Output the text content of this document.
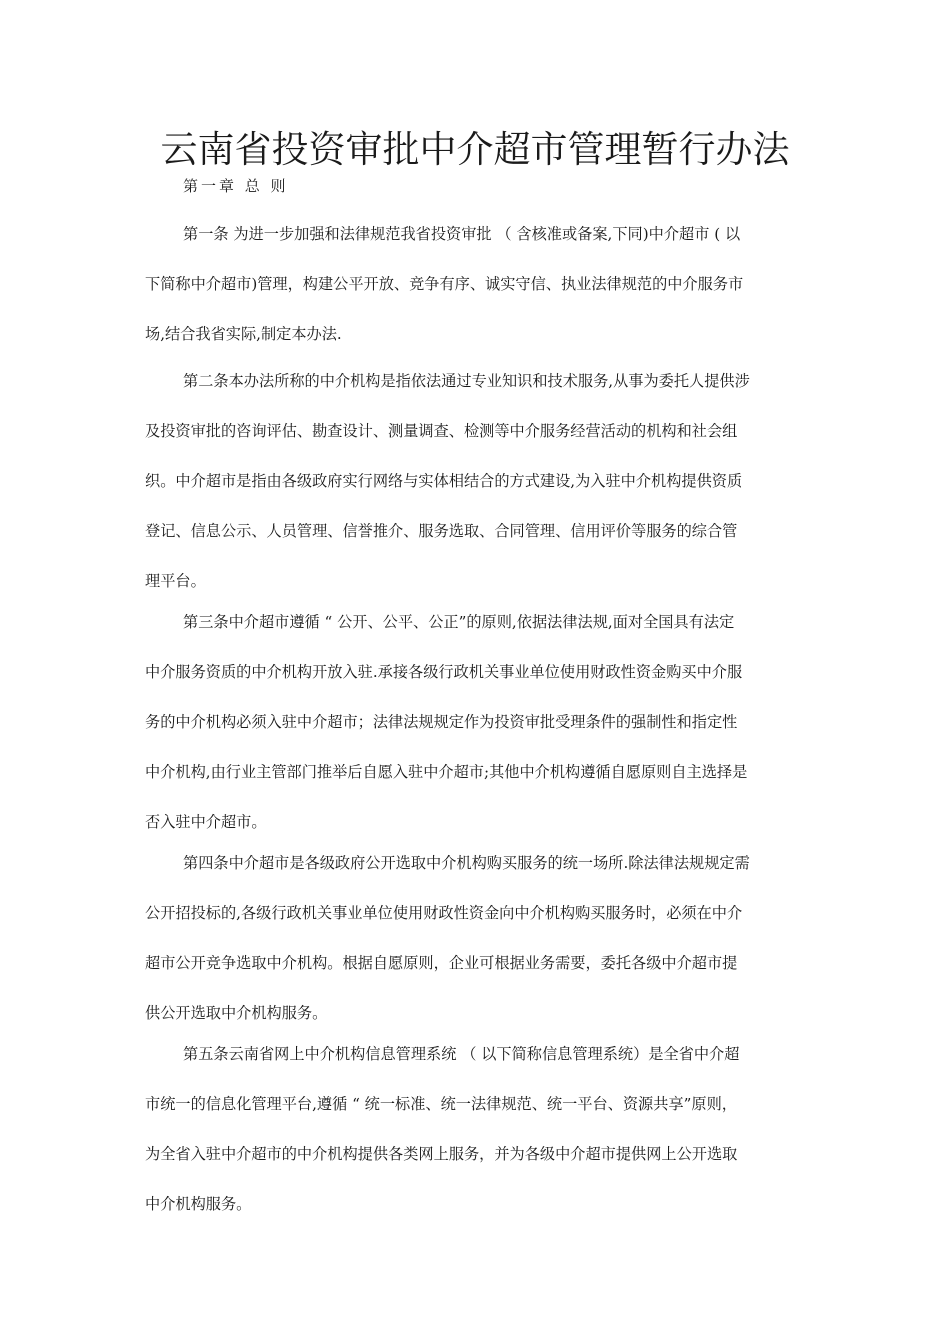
云南省投资审批中介超市管理暂行办法
第一章 总 则
第一条 为进一步加强和法律规范我省投资审批 （ 含核准或备案,下同)中介超市 ( 以
下简称中介超市)管理，构建公平开放、竞争有序、诚实守信、执业法律规范的中介服务市
场,结合我省实际,制定本办法.
第二条本办法所称的中介机构是指依法通过专业知识和技术服务,从事为委托人提供涉
及投资审批的咨询评估、勘查设计、测量调查、检测等中介服务经营活动的机构和社会组
织。中介超市是指由各级政府实行网络与实体相结合的方式建设,为入驻中介机构提供资质
登记、信息公示、人员管理、信誉推介、服务选取、合同管理、信用评价等服务的综合管
理平台。
第三条中介超市遵循 “ 公开、公平、公正”的原则,依据法律法规,面对全国具有法定
中介服务资质的中介机构开放入驻.承接各级行政机关事业单位使用财政性资金购买中介服
务的中介机构必须入驻中介超市；法律法规规定作为投资审批受理条件的强制性和指定性
中介机构,由行业主管部门推举后自愿入驻中介超市;其他中介机构遵循自愿原则自主选择是
否入驻中介超市。
第四条中介超市是各级政府公开选取中介机构购买服务的统一场所.除法律法规规定需
公开招投标的,各级行政机关事业单位使用财政性资金向中介机构购买服务时，必须在中介
超市公开竞争选取中介机构。根据自愿原则，企业可根据业务需要，委托各级中介超市提
供公开选取中介机构服务。
第五条云南省网上中介机构信息管理系统 （ 以下简称信息管理系统）是全省中介超
市统一的信息化管理平台,遵循 “ 统一标准、统一法律规范、统一平台、资源共享”原则，
为全省入驻中介超市的中介机构提供各类网上服务，并为各级中介超市提供网上公开选取
中介机构服务。
